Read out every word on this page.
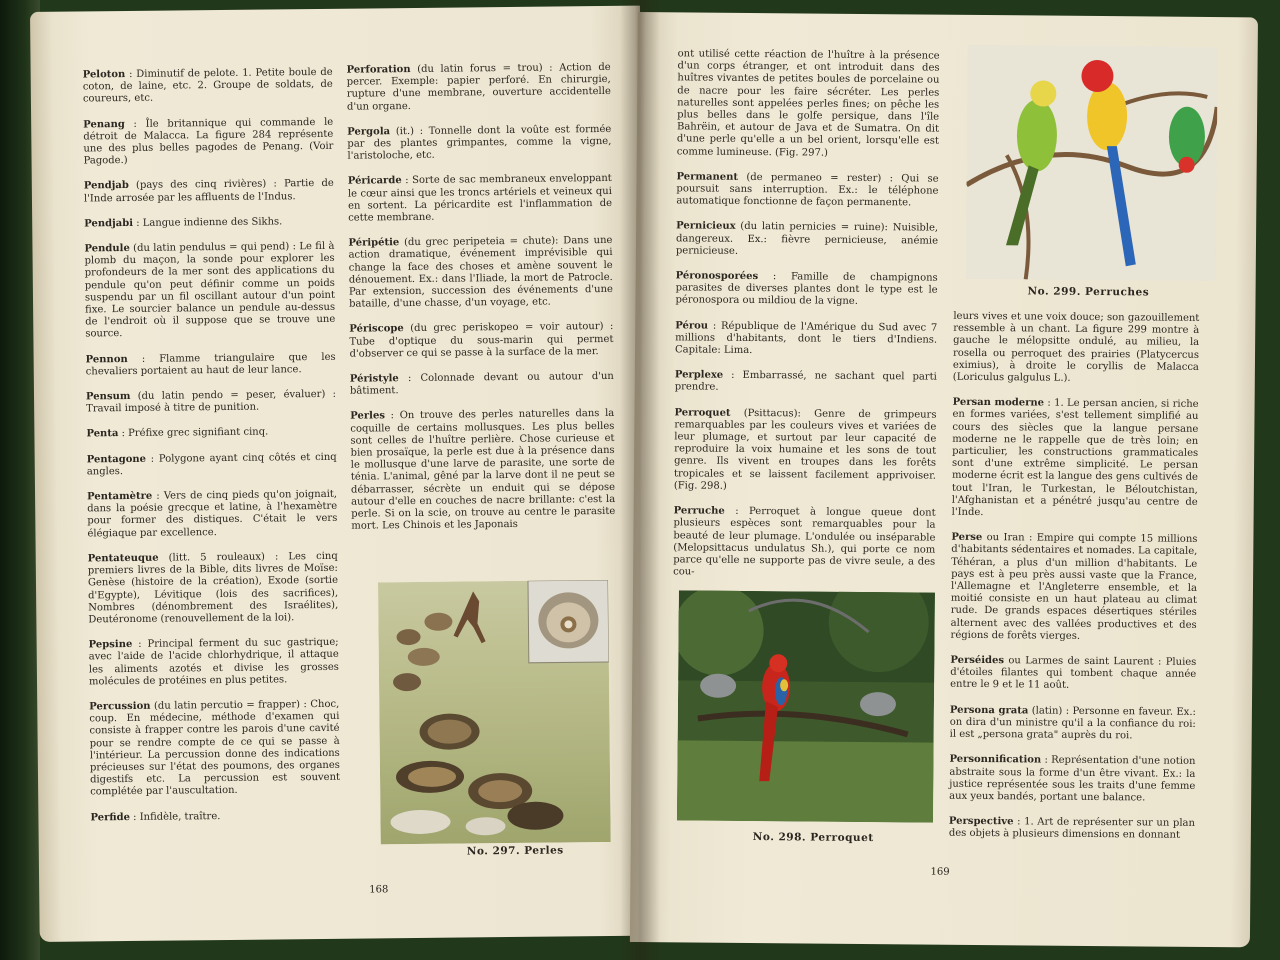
Peloton : Diminutif de pelote. 1. Petite boule de coton, de laine, etc. 2. Groupe de soldats, de coureurs, etc.

Penang : Île britannique qui commande le détroit de Malacca. La figure 284 représente une des plus belles pagodes de Penang. (Voir Pagode.)

Pendjab (pays des cinq rivières) : Partie de l'Inde arrosée par les affluents de l'Indus.

Pendjabi : Langue indienne des Sikhs.

Pendule (du latin pendulus = qui pend) : Le fil à plomb du maçon, la sonde pour explorer les profondeurs de la mer sont des applications du pendule qu'on peut définir comme un poids suspendu par un fil oscillant autour d'un point fixe. Le sourcier balance un pendule au-dessus de l'endroit où il suppose que se trouve une source.

Pennon : Flamme triangulaire que les chevaliers portaient au haut de leur lance.

Pensum (du latin pendo = peser, évaluer) : Travail imposé à titre de punition.

Penta : Préfixe grec signifiant cinq.

Pentagone : Polygone ayant cinq côtés et cinq angles.

Pentamètre : Vers de cinq pieds qu'on joignait, dans la poésie grecque et latine, à l'hexamètre pour former des distiques. C'était le vers élégiaque par excellence.

Pentateuque (litt. 5 rouleaux) : Les cinq premiers livres de la Bible, dits livres de Moïse: Genèse (histoire de la création), Exode (sortie d'Egypte), Lévitique (lois des sacrifices), Nombres (dénombrement des Israélites), Deutéronome (renouvellement de la loi).

Pepsine : Principal ferment du suc gastrique; avec l'aide de l'acide chlorhydrique, il attaque les aliments azotés et divise les grosses molécules de protéines en plus petites.

Percussion (du latin percutio = frapper) : Choc, coup. En médecine, méthode d'examen qui consiste à frapper contre les parois d'une cavité pour se rendre compte de ce qui se passe à l'intérieur. La percussion donne des indications précieuses sur l'état des poumons, des organes digestifs etc. La percussion est souvent complétée par l'auscultation.

Perfide : Infidèle, traître.

Perforation (du latin forus = trou) : Action de percer. Exemple: papier perforé. En chirurgie, rupture d'une membrane, ouverture accidentelle d'un organe.

Pergola (it.) : Tonnelle dont la voûte est formée par des plantes grimpantes, comme la vigne, l'aristoloche, etc.

Péricarde : Sorte de sac membraneux enveloppant le cœur ainsi que les troncs artériels et veineux qui en sortent. La péricardite est l'inflammation de cette membrane.

Péripétie (du grec peripeteia = chute): Dans une action dramatique, événement imprévisible qui change la face des choses et amène souvent le dénouement. Ex.: dans l'Iliade, la mort de Patrocle. Par extension, succession des événements d'une bataille, d'une chasse, d'un voyage, etc.

Périscope (du grec periskopeo = voir autour) : Tube d'optique du sous-marin qui permet d'observer ce qui se passe à la surface de la mer.

Péristyle : Colonnade devant ou autour d'un bâtiment.

Perles : On trouve des perles naturelles dans la coquille de certains mollusques. Les plus belles sont celles de l'huître perlière. Chose curieuse et bien prosaïque, la perle est due à la présence dans le mollusque d'une larve de parasite, une sorte de ténia. L'animal, gêné par la larve dont il ne peut se débarrasser, sécrète un enduit qui se dépose autour d'elle en couches de nacre brillante: c'est la perle. Si on la scie, on trouve au centre le parasite mort. Les Chinois et les Japonais

No. 297. Perles
168

ont utilisé cette réaction de l'huître à la présence d'un corps étranger, et ont introduit dans des huîtres vivantes de petites boules de porcelaine ou de nacre pour les faire sécréter. Les perles naturelles sont appelées perles fines; on pêche les plus belles dans le golfe persique, dans l'île Bahrëin, et autour de Java et de Sumatra. On dit d'une perle qu'elle a un bel orient, lorsqu'elle est comme lumineuse. (Fig. 297.)

Permanent (de permaneo = rester) : Qui se poursuit sans interruption. Ex.: le téléphone automatique fonctionne de façon permanente.

Pernicieux (du latin pernicies = ruine): Nuisible, dangereux. Ex.: fièvre pernicieuse, anémie pernicieuse.

Péronosporées : Famille de champignons parasites de diverses plantes dont le type est le péronospora ou mildiou de la vigne.

Pérou : République de l'Amérique du Sud avec 7 millions d'habitants, dont le tiers d'Indiens. Capitale: Lima.

Perplexe : Embarrassé, ne sachant quel parti prendre.

Perroquet (Psittacus): Genre de grimpeurs remarquables par les couleurs vives et variées de leur plumage, et surtout par leur capacité de reproduire la voix humaine et les sons de tout genre. Ils vivent en troupes dans les forêts tropicales et se laissent facilement apprivoiser. (Fig. 298.)

Perruche : Perroquet à longue queue dont plusieurs espèces sont remarquables pour la beauté de leur plumage. L'ondulée ou inséparable (Melopsittacus undulatus Sh.), qui porte ce nom parce qu'elle ne supporte pas de vivre seule, a des cou-

leurs vives et une voix douce; son gazouillement ressemble à un chant. La figure 299 montre à gauche le mélopsitte ondulé, au milieu, la rosella ou perroquet des prairies (Platycercus eximius), à droite le coryllis de Malacca (Loriculus galgulus L.).

Persan moderne : 1. Le persan ancien, si riche en formes variées, s'est tellement simplifié au cours des siècles que la langue persane moderne ne le rappelle que de très loin; en particulier, les constructions grammaticales sont d'une extrême simplicité. Le persan moderne écrit est la langue des gens cultivés de tout l'Iran, le Turkestan, le Béloutchistan, l'Afghanistan et a pénétré jusqu'au centre de l'Inde.

Perse ou Iran : Empire qui compte 15 millions d'habitants sédentaires et nomades. La capitale, Téhéran, a plus d'un million d'habitants. Le pays est à peu près aussi vaste que la France, l'Allemagne et l'Angleterre ensemble, et la moitié consiste en un haut plateau au climat rude. De grands espaces désertiques stériles alternent avec des vallées productives et des régions de forêts vierges.

Perséides ou Larmes de saint Laurent : Pluies d'étoiles filantes qui tombent chaque année entre le 9 et le 11 août.

Persona grata (latin) : Personne en faveur. Ex.: on dira d'un ministre qu'il a la confiance du roi: il est „persona grata" auprès du roi.

Personnification : Représentation d'une notion abstraite sous la forme d'un être vivant. Ex.: la justice représentée sous les traits d'une femme aux yeux bandés, portant une balance.

Perspective : 1. Art de représenter sur un plan des objets à plusieurs dimensions en donnant

No. 298. Perroquet
No. 299. Perruches
169
